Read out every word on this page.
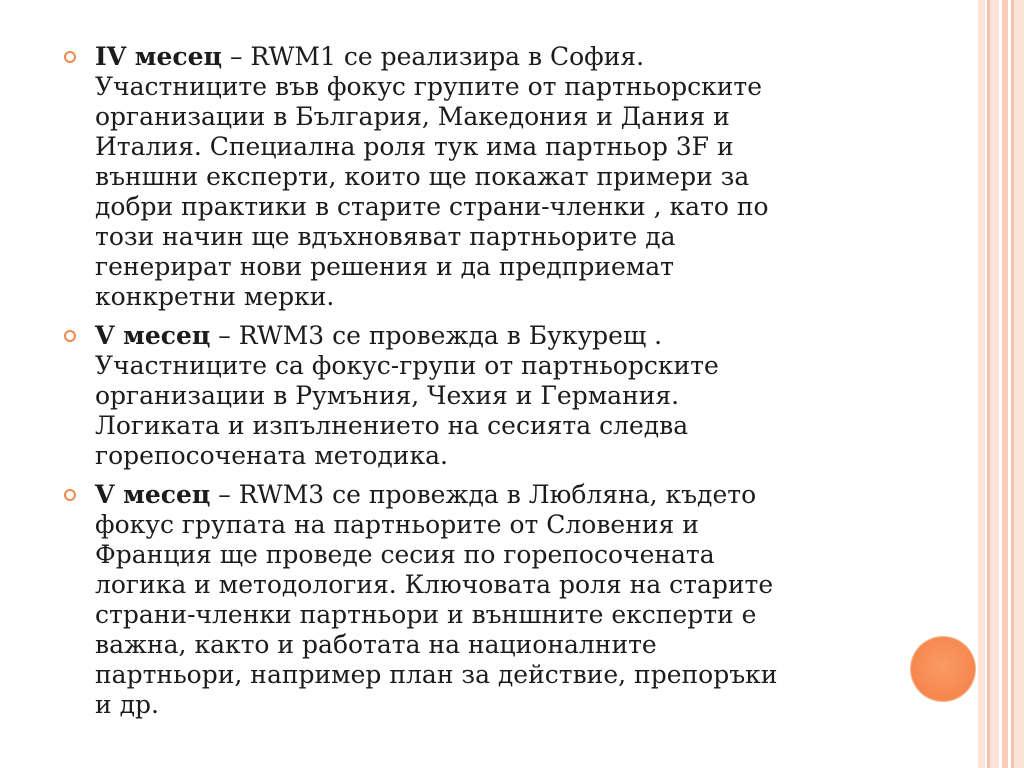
IV месец – RWM1 се реализира в София.
Участниците във фокус групите от партньорските
организации в България, Македония и Дания и
Италия. Специална роля тук има партньор 3F и
външни експерти, които ще покажат примери за
добри практики в старите страни-членки , като по
този начин ще вдъхновяват партньорите да
генерират нови решения и да предприемат
конкретни мерки.
V месец – RWM3 се провежда в Букурещ .
Участниците са фокус-групи от партньорските
организации в Румъния, Чехия и Германия.
Логиката и изпълнението на сесията следва
горепосочената методика.
V месец – RWM3 се провежда в Любляна, където
фокус групата на партньорите от Словения и
Франция ще проведе сесия по горепосочената
логика и методология. Ключовата роля на старите
страни-членки партньори и външните експерти е
важна, както и работата на националните
партньори, например план за действие, препоръки
и др.
